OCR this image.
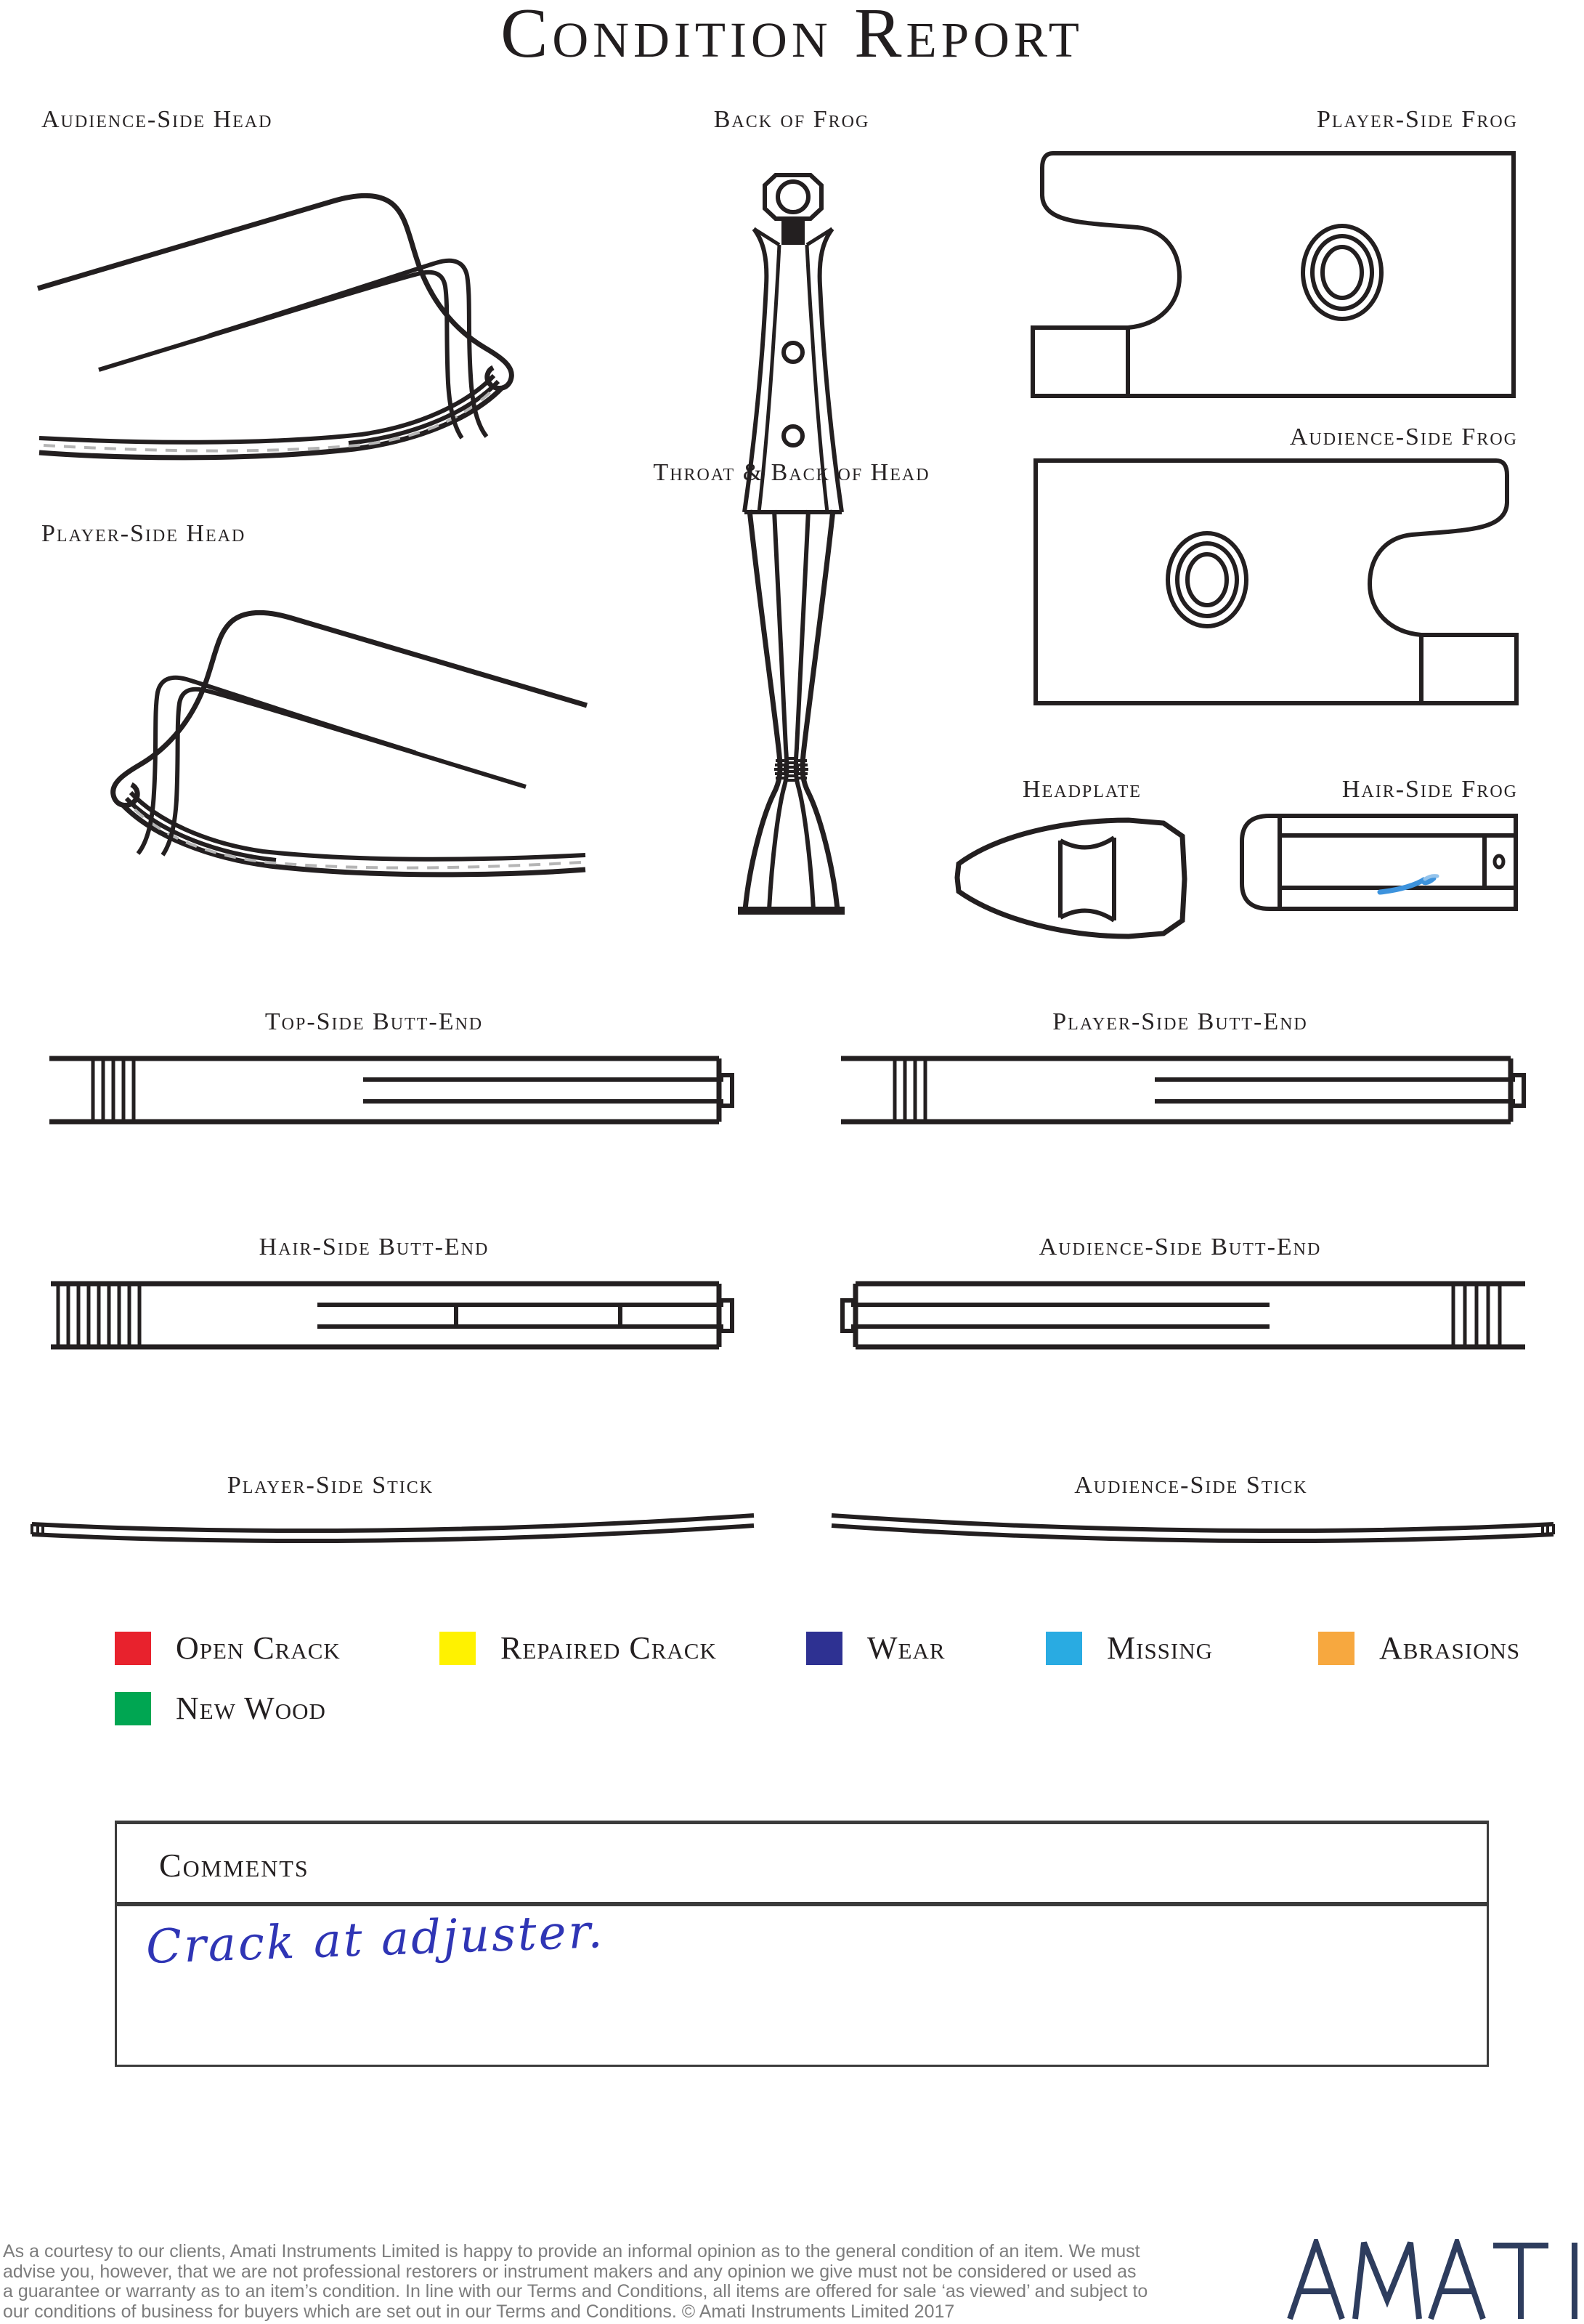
Condition Report
Audience-Side Head	Back of Frog	Player-Side Frog
Audience-Side Frog
Throat & Back of Head
Player-Side Head
Headplate	Hair-Side Frog
Top-Side Butt-End	Player-Side Butt-End
Hair-Side Butt-End	Audience-Side Butt-End
Player-Side Stick	Audience-Side Stick
Open Crack	Repaired Crack	Wear	Missing	Abrasions
New Wood
Comments
Crack at adjuster.
As a courtesy to our clients, Amati Instruments Limited is happy to provide an informal opinion as to the general condition of an item. We must
advise you, however, that we are not professional restorers or instrument makers and any opinion we give must not be considered or used as
a guarantee or warranty as to an item’s condition. In line with our Terms and Conditions, all items are offered for sale ‘as viewed’ and subject to
our conditions of business for buyers which are set out in our Terms and Conditions. © Amati Instruments Limited 2017
